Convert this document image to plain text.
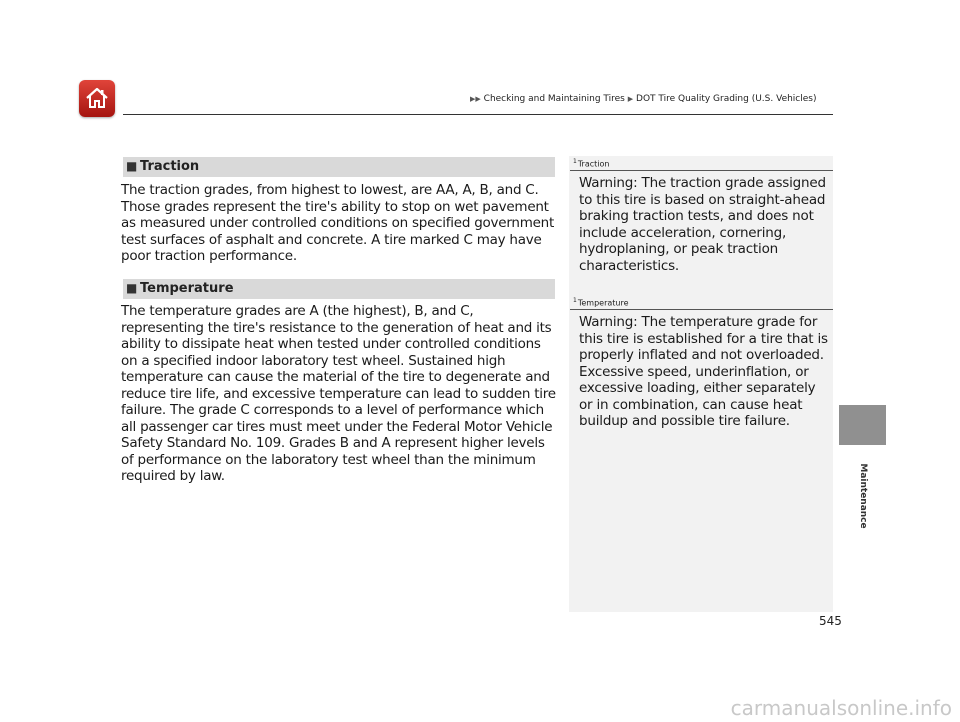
▶▶ Checking and Maintaining Tires ▶ DOT Tire Quality Grading (U.S. Vehicles)
Maintenance
■ Traction

The traction grades, from highest to lowest, are AA, A, B, and C. Those grades represent the tire's ability to stop on wet pavement as measured under controlled conditions on specified government test surfaces of asphalt and concrete. A tire marked C may have poor traction performance.

■ Temperature

The temperature grades are A (the highest), B, and C, representing the tire's resistance to the generation of heat and its ability to dissipate heat when tested under controlled conditions on a specified indoor laboratory test wheel. Sustained high temperature can cause the material of the tire to degenerate and reduce tire life, and excessive temperature can lead to sudden tire failure. The grade C corresponds to a level of performance which all passenger car tires must meet under the Federal Motor Vehicle Safety Standard No. 109. Grades B and A represent higher levels of performance on the laboratory test wheel than the minimum required by law.

$^1$Traction

Warning: The traction grade assigned to this tire is based on straight-ahead braking traction tests, and does not include acceleration, cornering, hydroplaning, or peak traction characteristics.

$^1$Temperature

Warning: The temperature grade for this tire is established for a tire that is properly inflated and not overloaded. Excessive speed, underinflation, or excessive loading, either separately or in combination, can cause heat buildup and possible tire failure.

545
carmanualsonline.info
